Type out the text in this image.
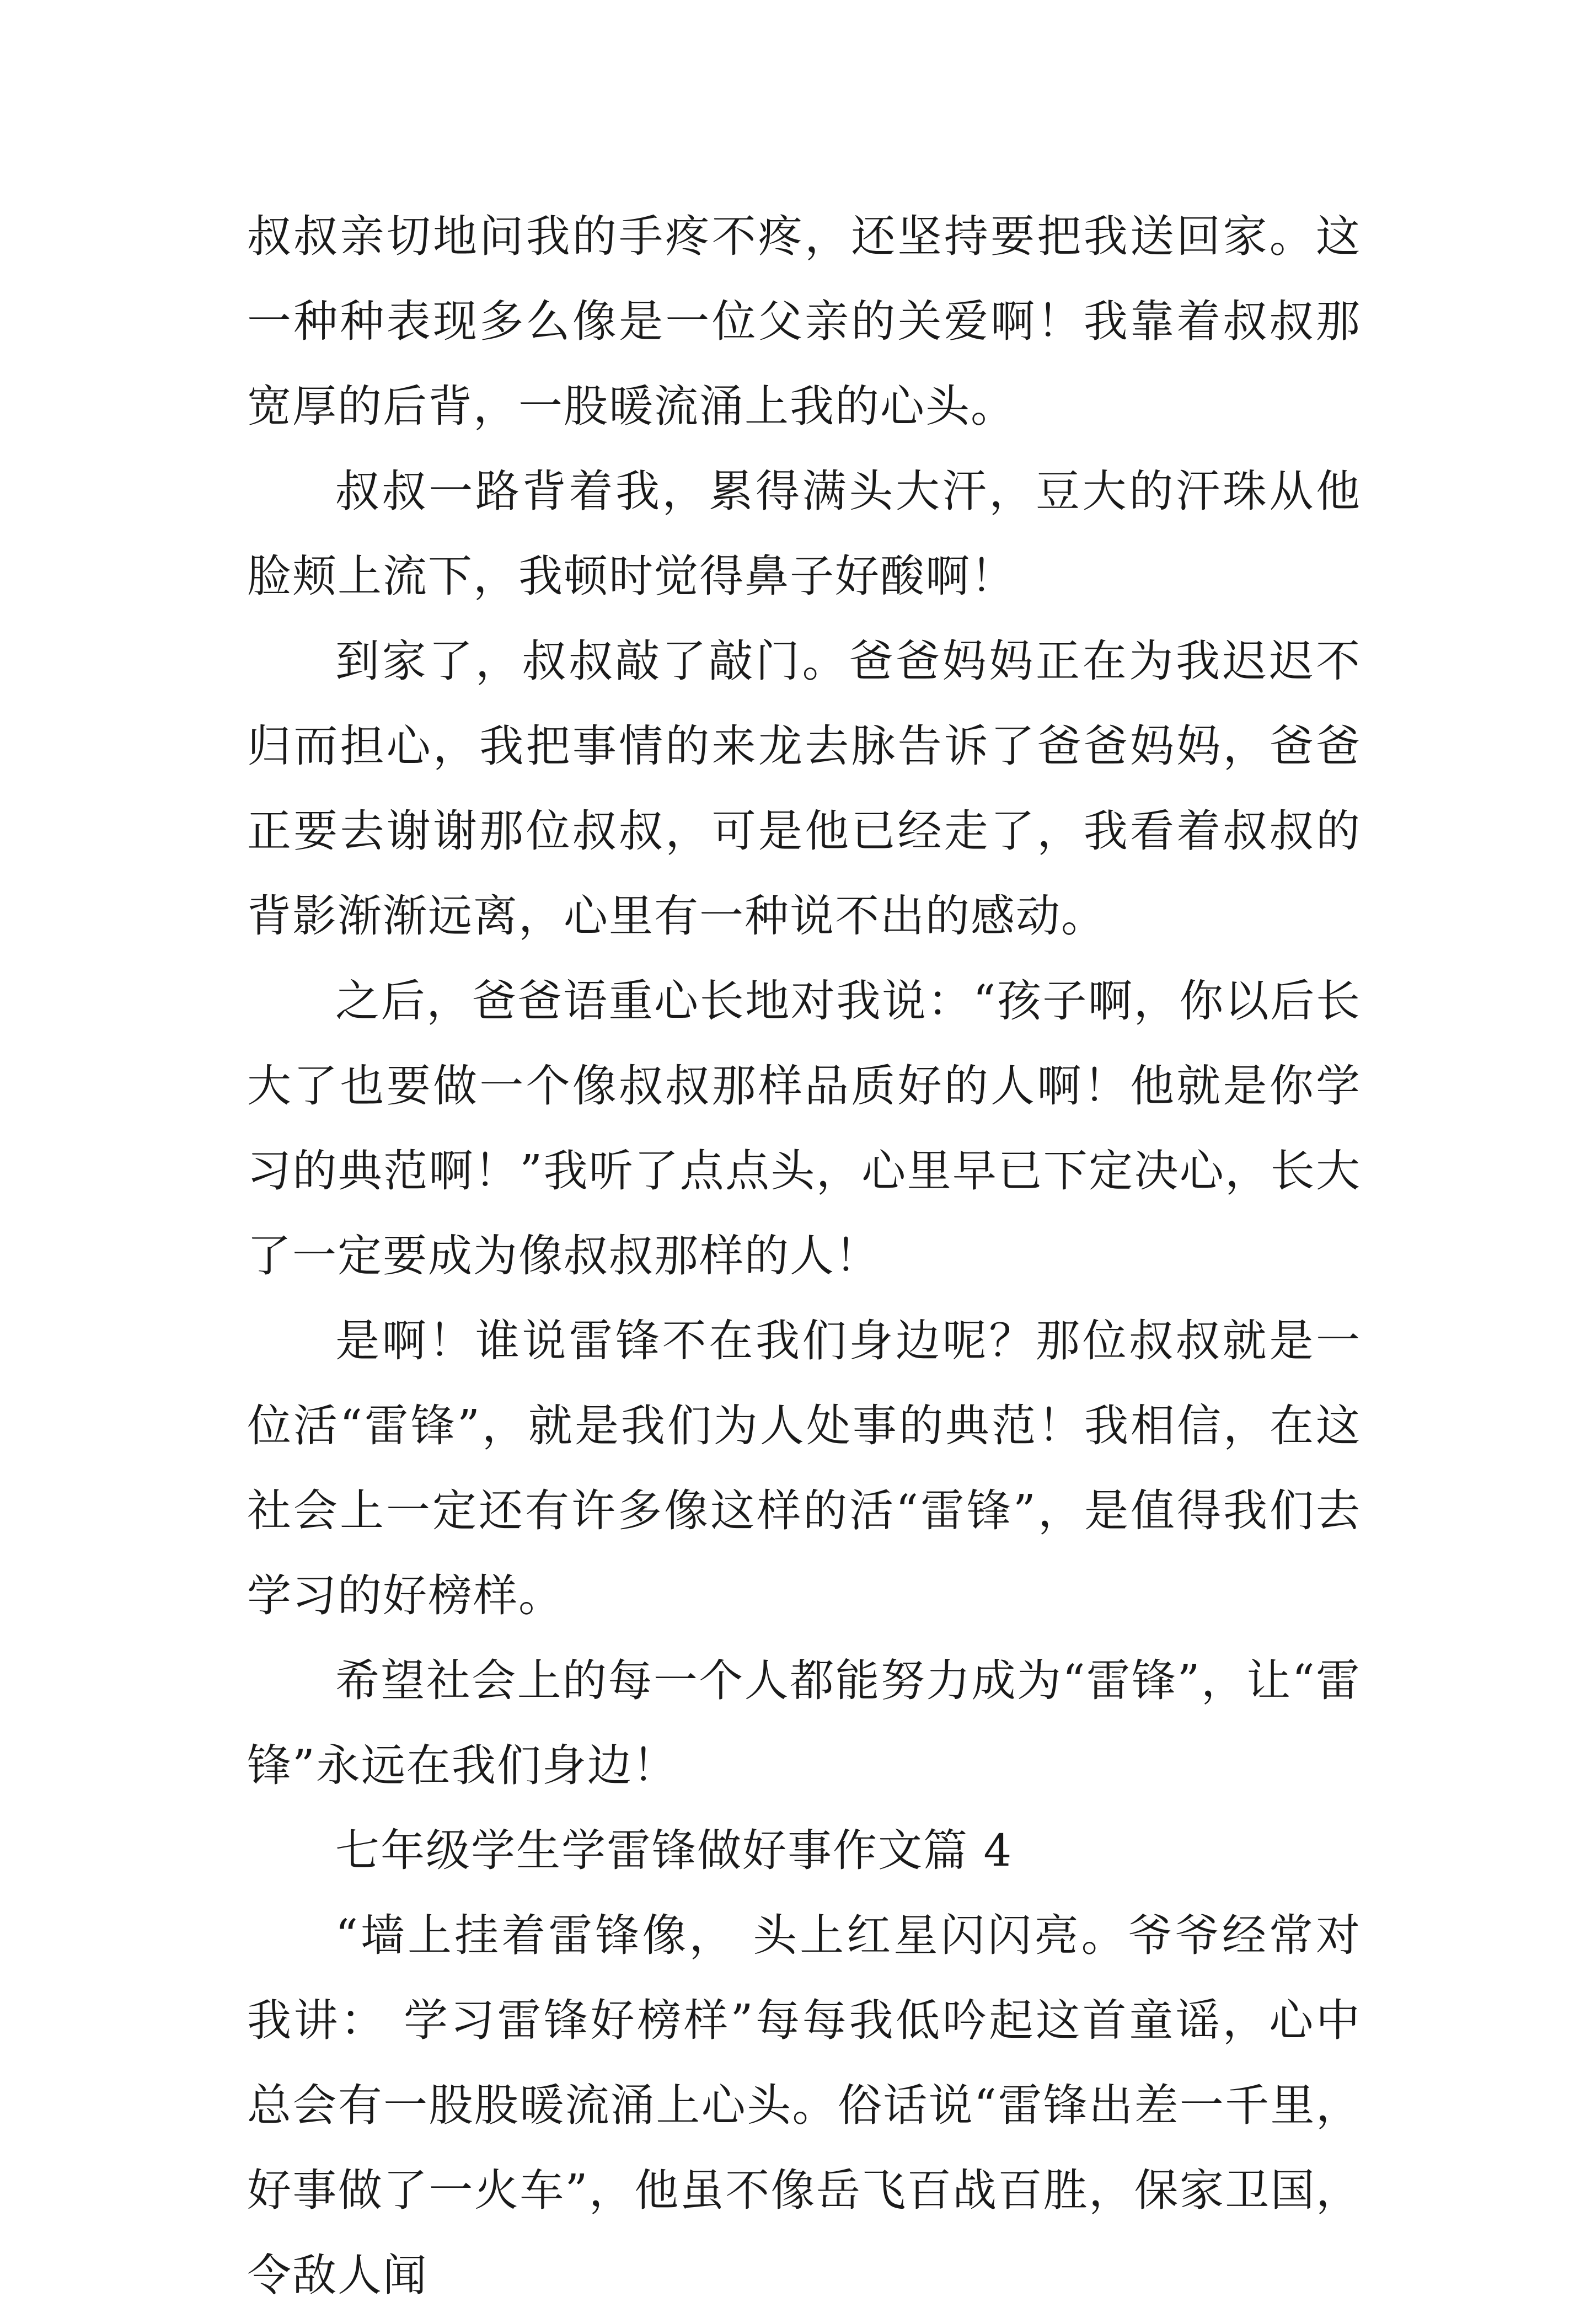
叔叔亲切地问我的手疼不疼，还坚持要把我送回家。这一种种表现多么像是一位父亲的关爱啊！我靠着叔叔那宽厚的后背，一股暖流涌上我的心头。

叔叔一路背着我，累得满头大汗，豆大的汗珠从他脸颊上流下，我顿时觉得鼻子好酸啊！

到家了，叔叔敲了敲门。爸爸妈妈正在为我迟迟不归而担心，我把事情的来龙去脉告诉了爸爸妈妈，爸爸正要去谢谢那位叔叔，可是他已经走了，我看着叔叔的背影渐渐远离，心里有一种说不出的感动。

之后，爸爸语重心长地对我说：“孩子啊，你以后长大了也要做一个像叔叔那样品质好的人啊！他就是你学习的典范啊！”我听了点点头，心里早已下定决心，长大了一定要成为像叔叔那样的人！

是啊！谁说雷锋不在我们身边呢？那位叔叔就是一位活“雷锋”，就是我们为人处事的典范！我相信，在这社会上一定还有许多像这样的活“雷锋”，是值得我们去学习的好榜样。

希望社会上的每一个人都能努力成为“雷锋”，让“雷锋”永远在我们身边！

七年级学生学雷锋做好事作文篇 4

“墙上挂着雷锋像， 头上红星闪闪亮。爷爷经常对我讲： 学习雷锋好榜样”每每我低吟起这首童谣，心中总会有一股股暖流涌上心头。俗话说“雷锋出差一千里，好事做了一火车”，他虽不像岳飞百战百胜，保家卫国，令敌人闻
